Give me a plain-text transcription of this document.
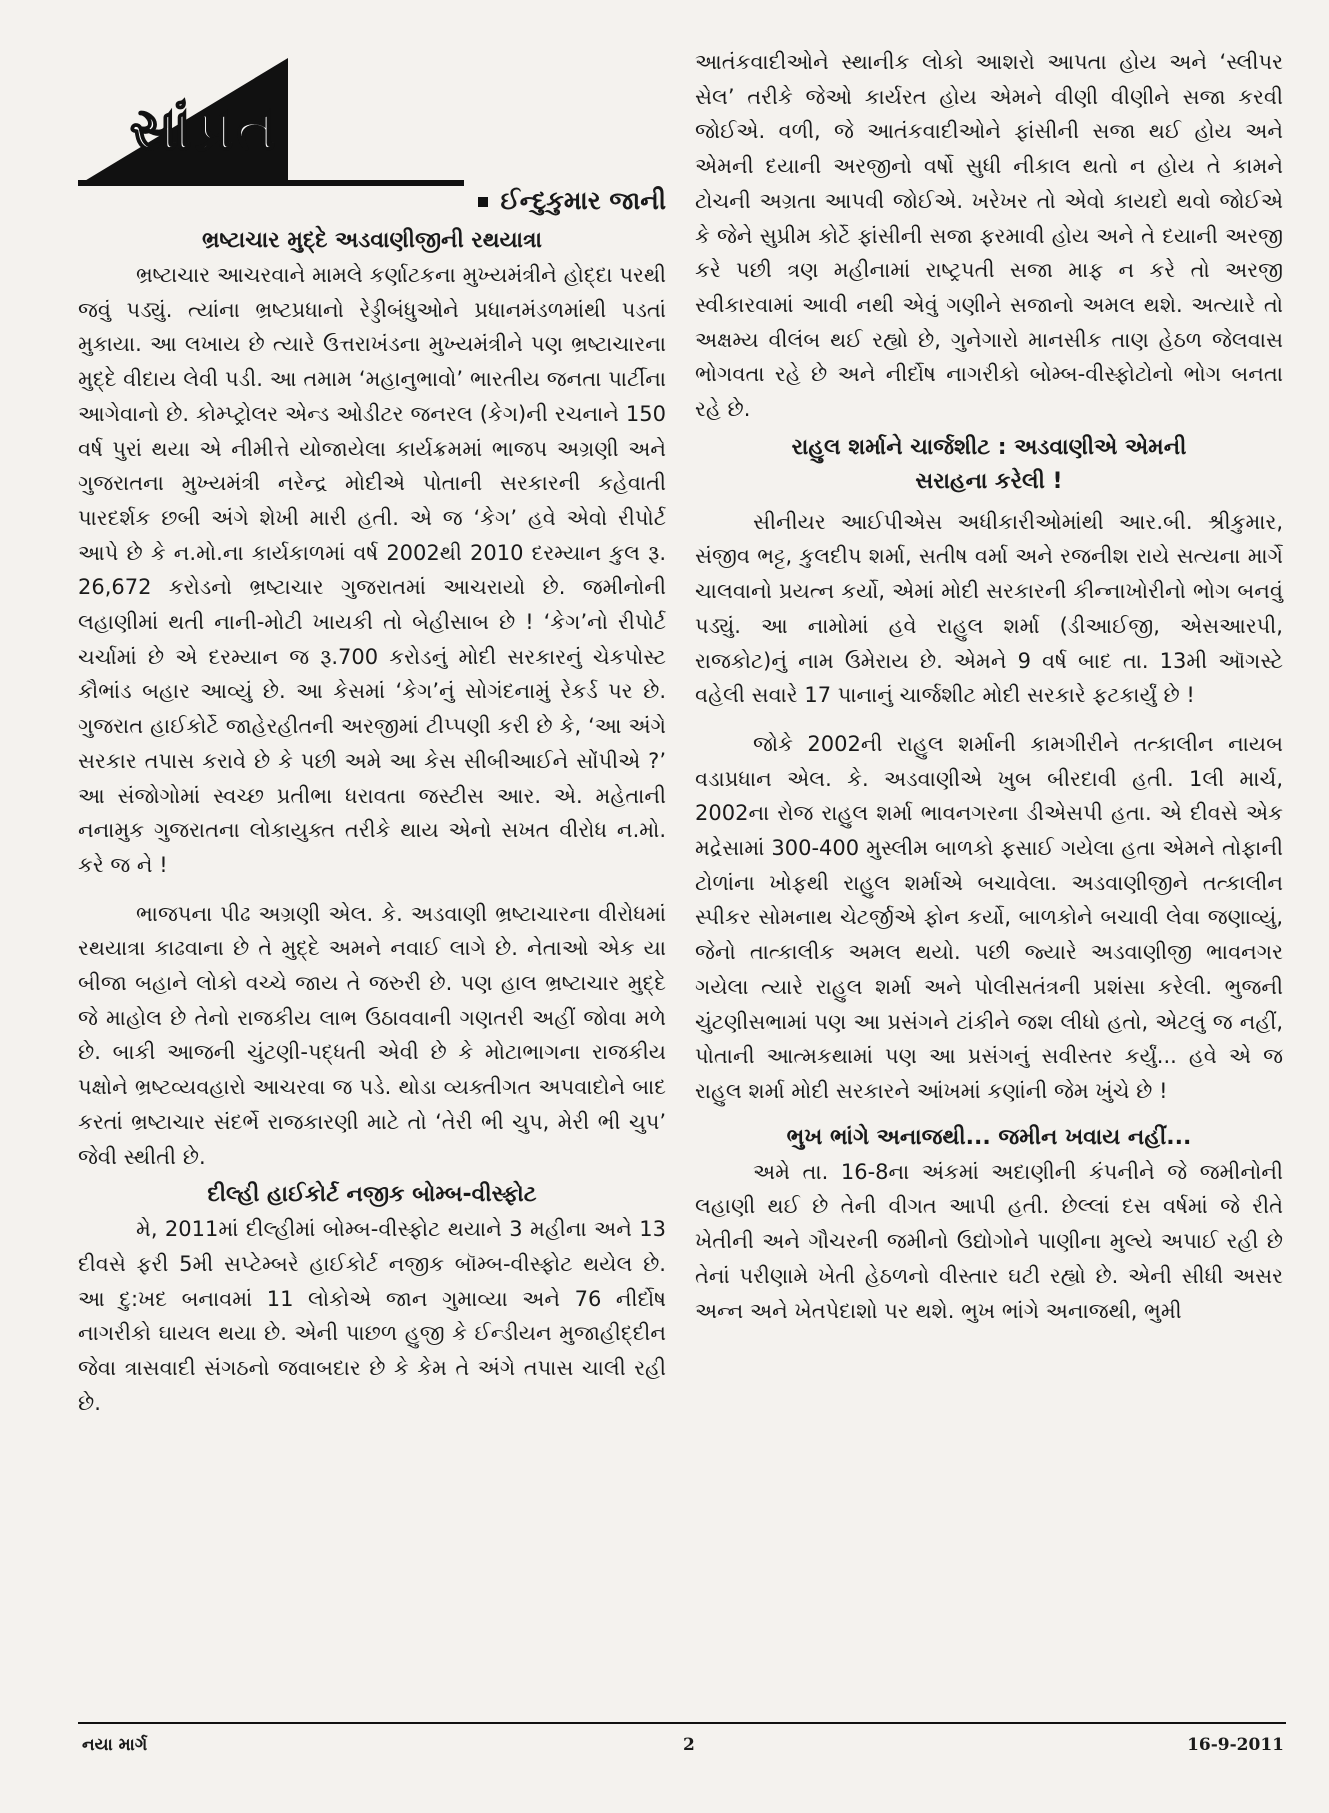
સાંપ્રત
ઈન્દુકુમાર જાની
ભ્રષ્ટાચાર મુદ્દે અડવાણીજીની રથયાત્રા

ભ્રષ્ટાચાર આચરવાને મામલે કર્ણાટકના મુખ્યમંત્રીને હોદ્દા પરથી જવું પડ્યું. ત્યાંના ભ્રષ્ટપ્રધાનો રેડ્ડીબંધુઓને પ્રધાનમંડળમાંથી પડતાં મુકાયા. આ લખાય છે ત્યારે ઉત્તરાખંડના મુખ્યમંત્રીને પણ ભ્રષ્ટાચારના મુદ્દે વીદાય લેવી પડી. આ તમામ ‘મહાનુભાવો’ ભારતીય જનતા પાર્ટીના આગેવાનો છે. કોમ્પ્ટ્રોલર એન્ડ ઓડીટર જનરલ (કેગ)ની રચનાને 150 વર્ષ પુરાં થયા એ નીમીત્તે યોજાયેલા કાર્યક્રમમાં ભાજપ અગ્રણી અને ગુજરાતના મુખ્યમંત્રી નરેન્દ્ર મોદીએ પોતાની સરકારની કહેવાતી પારદર્શક છબી અંગે શેખી મારી હતી. એ જ ‘કેગ’ હવે એવો રીપોર્ટ આપે છે કે ન.મો.ના કાર્યકાળમાં વર્ષ 2002થી 2010 દરમ્યાન કુલ રૂ. 26,672 કરોડનો ભ્રષ્ટાચાર ગુજરાતમાં આચરાયો છે. જમીનોની લહાણીમાં થતી નાની-મોટી ખાયકી તો બેહીસાબ છે ! ‘કેગ’નો રીપોર્ટ ચર્ચામાં છે એ દરમ્યાન જ રૂ.700 કરોડનું મોદી સરકારનું ચેકપોસ્ટ કૌભાંડ બહાર આવ્યું છે. આ કેસમાં ‘કેગ’નું સોગંદનામું રેકર્ડ પર છે. ગુજરાત હાઈકોર્ટે જાહેરહીતની અરજીમાં ટીપ્પણી કરી છે કે, ‘આ અંગે સરકાર તપાસ કરાવે છે કે પછી અમે આ કેસ સીબીઆઈને સોંપીએ ?’ આ સંજોગોમાં સ્વચ્છ પ્રતીભા ધરાવતા જસ્ટીસ આર. એ. મહેતાની નનામુક ગુજરાતના લોકાયુક્ત તરીકે થાય એનો સખત વીરોધ ન.મો. કરે જ ને !

ભાજપના પીઢ અગ્રણી એલ. કે. અડવાણી ભ્રષ્ટાચારના વીરોધમાં રથયાત્રા કાઢવાના છે તે મુદ્દે અમને નવાઈ લાગે છે. નેતાઓ એક યા બીજા બહાને લોકો વચ્ચે જાય તે જરુરી છે. પણ હાલ ભ્રષ્ટાચાર મુદ્દે જે માહોલ છે તેનો રાજકીય લાભ ઉઠાવવાની ગણતરી અહીં જોવા મળે છે. બાકી આજની ચુંટણી-પદ્ધતી એવી છે કે મોટાભાગના રાજકીય પક્ષોને ભ્રષ્ટવ્યવહારો આચરવા જ પડે. થોડા વ્યક્તીગત અપવાદોને બાદ કરતાં ભ્રષ્ટાચાર સંદર્ભે રાજકારણી માટે તો ‘તેરી ભી ચુપ, મેરી ભી ચુપ’ જેવી સ્થીતી છે.

દીલ્હી હાઈકોર્ટ નજીક બોમ્બ-વીસ્ફોટ

મે, 2011માં દીલ્હીમાં બોમ્બ-વીસ્ફોટ થયાને 3 મહીના અને 13 દીવસે ફરી 5મી સપ્ટેમ્બરે હાઈકોર્ટ નજીક બૉમ્બ-વીસ્ફોટ થયેલ છે. આ દુ:ખદ બનાવમાં 11 લોકોએ જાન ગુમાવ્યા અને 76 નીર્દોષ નાગરીકો ઘાયલ થયા છે. એની પાછળ હુજી કે ઈન્ડીયન મુજાહીદ્દીન જેવા ત્રાસવાદી સંગઠનો જવાબદાર છે કે કેમ તે અંગે તપાસ ચાલી રહી છે.

આતંકવાદીઓને સ્થાનીક લોકો આશરો આપતા હોય અને ‘સ્લીપર સેલ’ તરીકે જેઓ કાર્યરત હોય એમને વીણી વીણીને સજા કરવી જોઈએ. વળી, જે આતંકવાદીઓને ફાંસીની સજા થઈ હોય અને એમની દયાની અરજીનો વર્ષો સુધી નીકાલ થતો ન હોય તે કામને ટોચની અગ્રતા આપવી જોઈએ. ખરેખર તો એવો કાયદો થવો જોઈએ કે જેને સુપ્રીમ કોર્ટે ફાંસીની સજા ફરમાવી હોય અને તે દયાની અરજી કરે પછી ત્રણ મહીનામાં રાષ્ટ્રપતી સજા માફ ન કરે તો અરજી સ્વીકારવામાં આવી નથી એવું ગણીને સજાનો અમલ થશે. અત્યારે તો અક્ષમ્ય વીલંબ થઈ રહ્યો છે, ગુનેગારો માનસીક તાણ હેઠળ જેલવાસ ભોગવતા રહે છે અને નીર્દોષ નાગરીકો બોમ્બ-વીસ્ફોટોનો ભોગ બનતા રહે છે.

રાહુલ શર્માને ચાર્જશીટ : અડવાણીએ એમની
સરાહના કરેલી !

સીનીયર આઈપીએસ અધીકારીઓમાંથી આર.બી. શ્રીકુમાર, સંજીવ ભટ્ટ, કુલદીપ શર્મા, સતીષ વર્મા અને રજનીશ રાયે સત્યના માર્ગે ચાલવાનો પ્રયત્ન કર્યો, એમાં મોદી સરકારની કીન્નાખોરીનો ભોગ બનવું પડ્યું. આ નામોમાં હવે રાહુલ શર્મા (ડીઆઈજી, એસઆરપી, રાજકોટ)નું નામ ઉમેરાય છે. એમને 9 વર્ષ બાદ તા. 13મી ઑગસ્ટે વહેલી સવારે 17 પાનાનું ચાર્જશીટ મોદી સરકારે ફટકાર્યું છે !

જોકે 2002ની રાહુલ શર્માની કામગીરીને તત્કાલીન નાયબ વડાપ્રધાન એલ. કે. અડવાણીએ ખુબ બીરદાવી હતી. 1લી માર્ચ, 2002ના રોજ રાહુલ શર્મા ભાવનગરના ડીએસપી હતા. એ દીવસે એક મદ્રેસામાં 300-400 મુસ્લીમ બાળકો ફસાઈ ગયેલા હતા એમને તોફાની ટોળાંના ખોફથી રાહુલ શર્માએ બચાવેલા. અડવાણીજીને તત્કાલીન સ્પીકર સોમનાથ ચેટર્જીએ ફોન કર્યો, બાળકોને બચાવી લેવા જણાવ્યું, જેનો તાત્કાલીક અમલ થયો. પછી જ્યારે અડવાણીજી ભાવનગર ગયેલા ત્યારે રાહુલ શર્મા અને પોલીસતંત્રની પ્રશંસા કરેલી. ભુજની ચુંટણીસભામાં પણ આ પ્રસંગને ટાંકીને જશ લીધો હતો, એટલું જ નહીં, પોતાની આત્મકથામાં પણ આ પ્રસંગનું સવીસ્તર કર્યું... હવે એ જ રાહુલ શર્મા મોદી સરકારને આંખમાં કણાંની જેમ ખુંચે છે !

ભુખ ભાંગે અનાજથી... જમીન ખવાય નહીં...

અમે તા. 16-8ના અંકમાં અદાણીની કંપનીને જે જમીનોની લહાણી થઈ છે તેની વીગત આપી હતી. છેલ્લાં દસ વર્ષમાં જે રીતે ખેતીની અને ગૌચરની જમીનો ઉદ્યોગોને પાણીના મુલ્યે અપાઈ રહી છે તેનાં પરીણામે ખેતી હેઠળનો વીસ્તાર ઘટી રહ્યો છે. એની સીધી અસર અન્ન અને ખેતપેદાશો પર થશે. ભુખ ભાંગે અનાજથી, ભુમી

નયા માર્ગ	2	16-9-2011
